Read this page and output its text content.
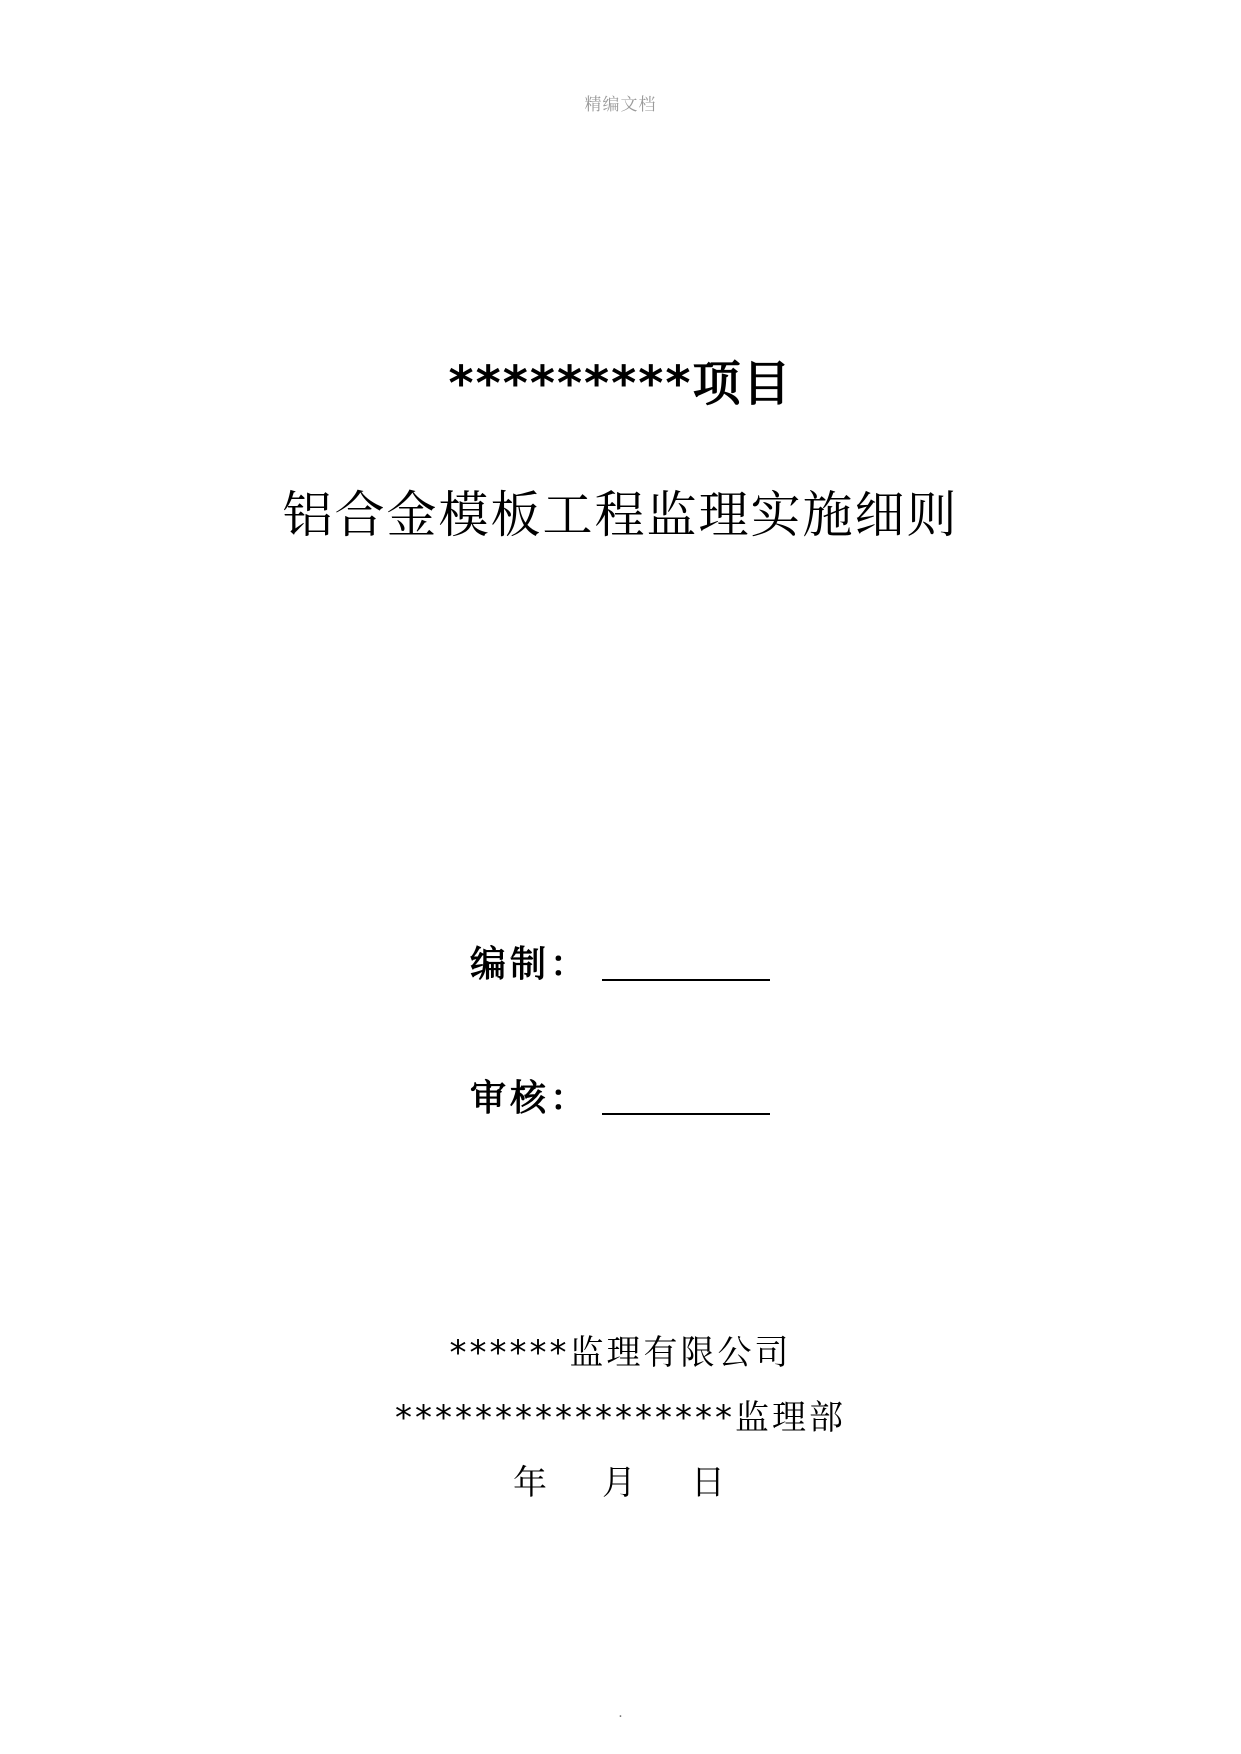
精编文档
*********项目
铝合金模板工程监理实施细则
编制：
审核：
******监理有限公司
*****************监理部
年 月 日
.
